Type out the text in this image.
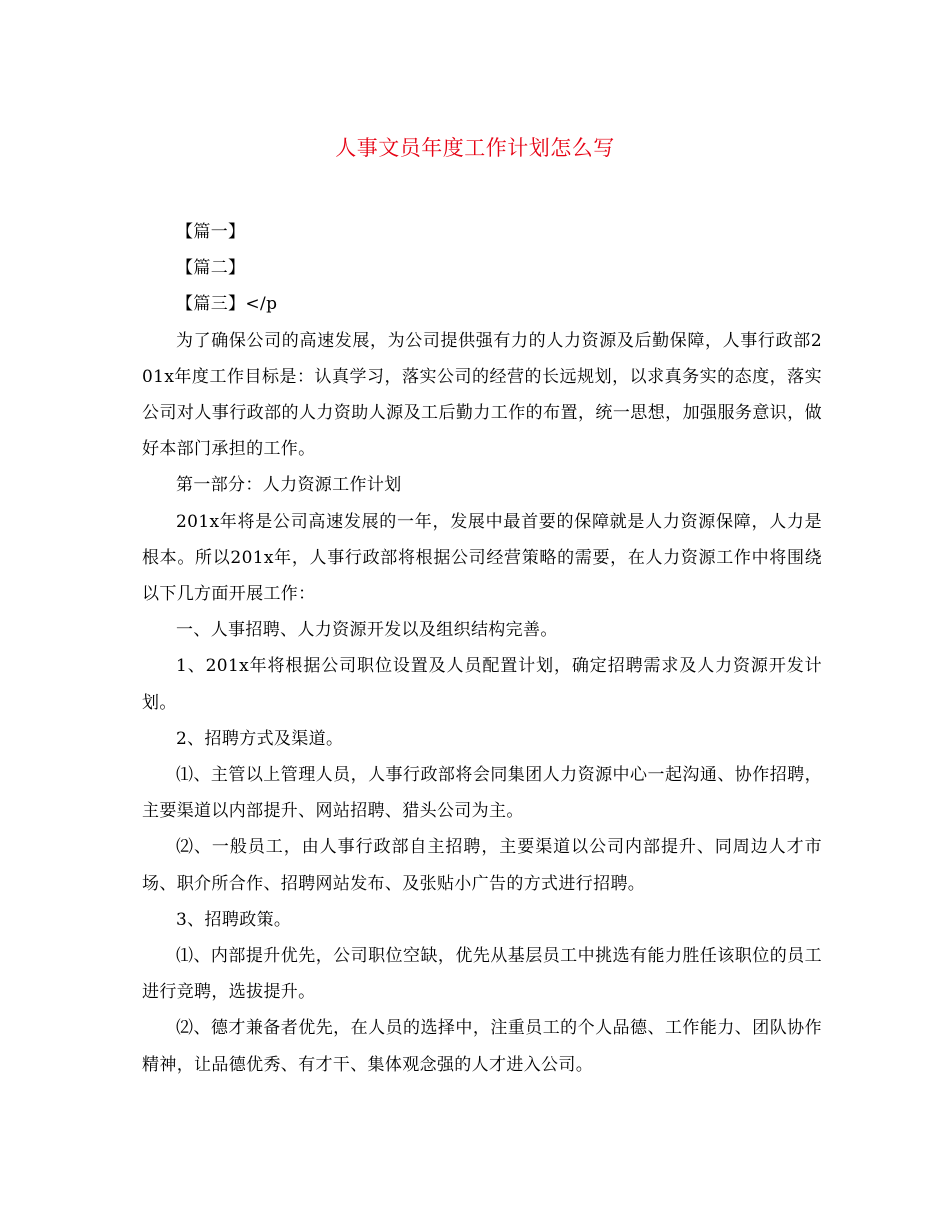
人事文员年度工作计划怎么写

【篇一】

【篇二】

【篇三】</p

为了确保公司的高速发展，为公司提供强有力的人力资源及后勤保障，人事行政部201x年度工作目标是：认真学习，落实公司的经营的长远规划，以求真务实的态度，落实公司对人事行政部的人力资助人源及工后勤力工作的布置，统一思想，加强服务意识，做好本部门承担的工作。

第一部分：人力资源工作计划

201x年将是公司高速发展的一年，发展中最首要的保障就是人力资源保障，人力是根本。所以201x年，人事行政部将根据公司经营策略的需要，在人力资源工作中将围绕以下几方面开展工作：

一、人事招聘、人力资源开发以及组织结构完善。

1、201x年将根据公司职位设置及人员配置计划，确定招聘需求及人力资源开发计划。

2、招聘方式及渠道。

⑴、主管以上管理人员，人事行政部将会同集团人力资源中心一起沟通、协作招聘，主要渠道以内部提升、网站招聘、猎头公司为主。

⑵、一般员工，由人事行政部自主招聘，主要渠道以公司内部提升、同周边人才市场、职介所合作、招聘网站发布、及张贴小广告的方式进行招聘。

3、招聘政策。

⑴、内部提升优先，公司职位空缺，优先从基层员工中挑选有能力胜任该职位的员工进行竞聘，选拔提升。

⑵、德才兼备者优先，在人员的选择中，注重员工的个人品德、工作能力、团队协作精神，让品德优秀、有才干、集体观念强的人才进入公司。
